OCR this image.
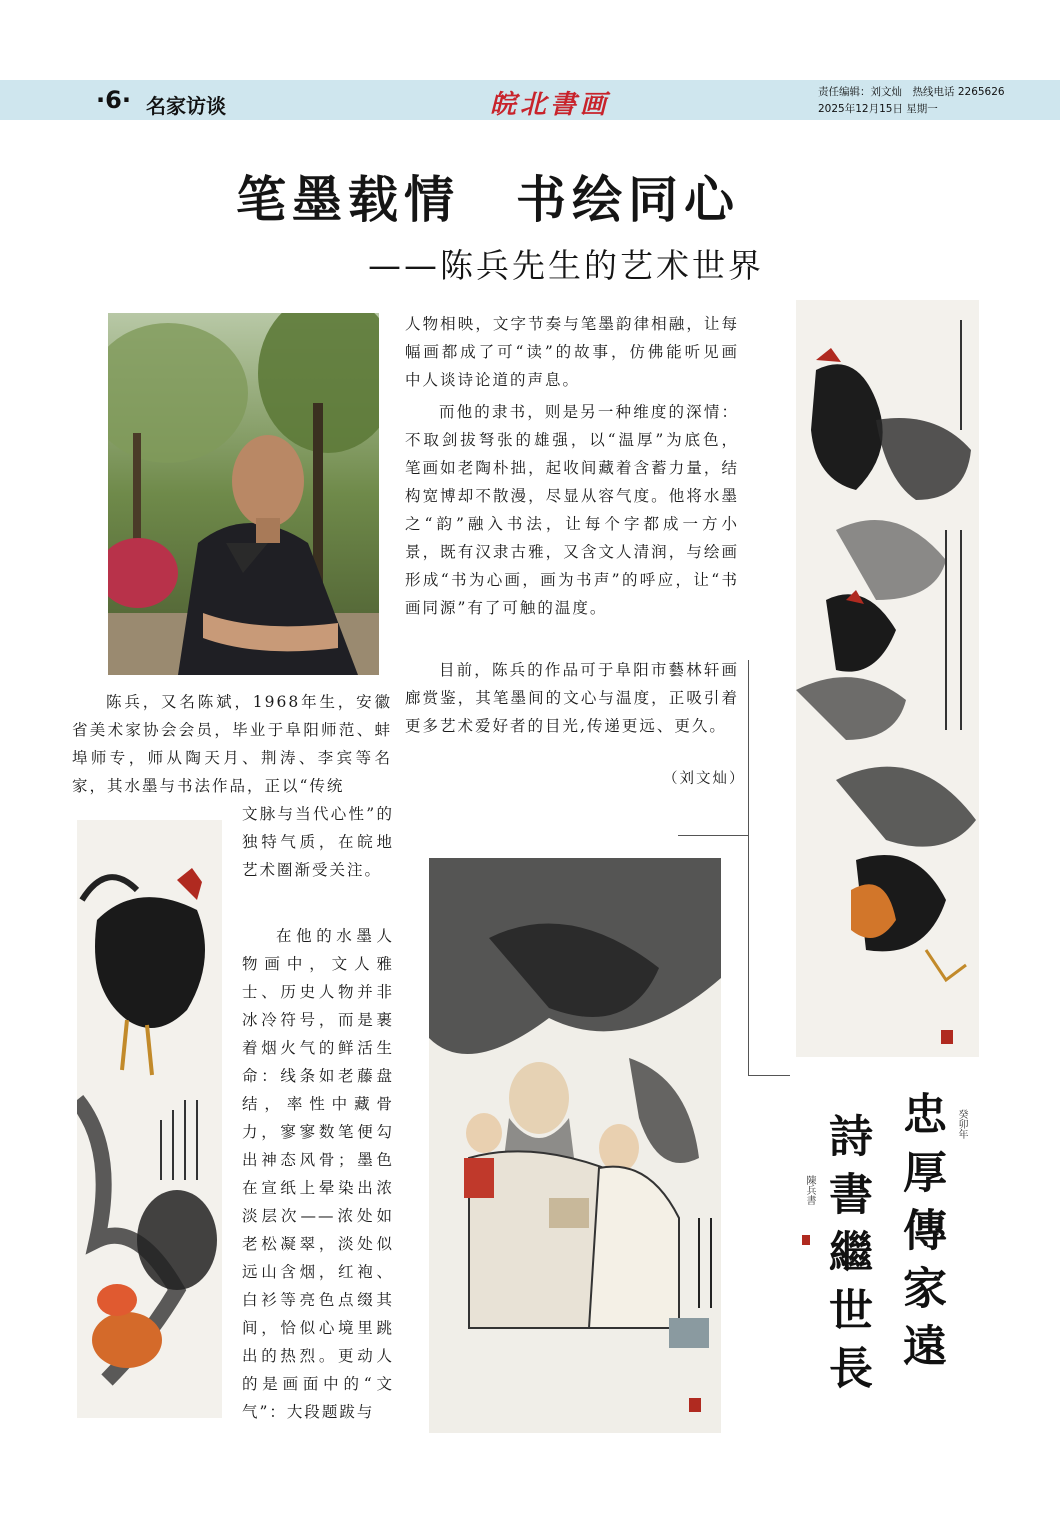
·6· 名家访谈	皖北書画	责任编辑：刘文灿　热线电话 2265626
2025年12月15日 星期一
笔墨载情　书绘同心
——陈兵先生的艺术世界

陈兵，又名陈斌，1968年生，安徽省美术家协会会员，毕业于阜阳师范、蚌埠师专，师从陶天月、荆涛、李宾等名家，其水墨与书法作品，正以“传统

文脉与当代心性”的独特气质，在皖地艺术圈渐受关注。

在他的水墨人物画中，文人雅士、历史人物并非冰冷符号，而是裹着烟火气的鲜活生命：线条如老藤盘结，率性中藏骨力，寥寥数笔便勾出神态风骨；墨色在宣纸上晕染出浓淡层次——浓处如老松凝翠，淡处似远山含烟，红袍、白衫等亮色点缀其间，恰似心境里跳出的热烈。更动人的是画面中的“文气”：大段题跋与

人物相映，文字节奏与笔墨韵律相融，让每幅画都成了可“读”的故事，仿佛能听见画中人谈诗论道的声息。

而他的隶书，则是另一种维度的深情：不取剑拔弩张的雄强，以“温厚”为底色，笔画如老陶朴拙，起收间藏着含蓄力量，结构宽博却不散漫，尽显从容气度。他将水墨之“韵”融入书法，让每个字都成一方小景，既有汉隶古雅，又含文人清润，与绘画形成“书为心画，画为书声”的呼应，让“书画同源”有了可触的温度。

目前，陈兵的作品可于阜阳市藝林轩画廊赏鉴，其笔墨间的文心与温度，正吸引着更多艺术爱好者的目光,传递更远、更久。

（刘文灿）
忠厚傳家遠
詩書繼世長	癸卯年
陳兵書
